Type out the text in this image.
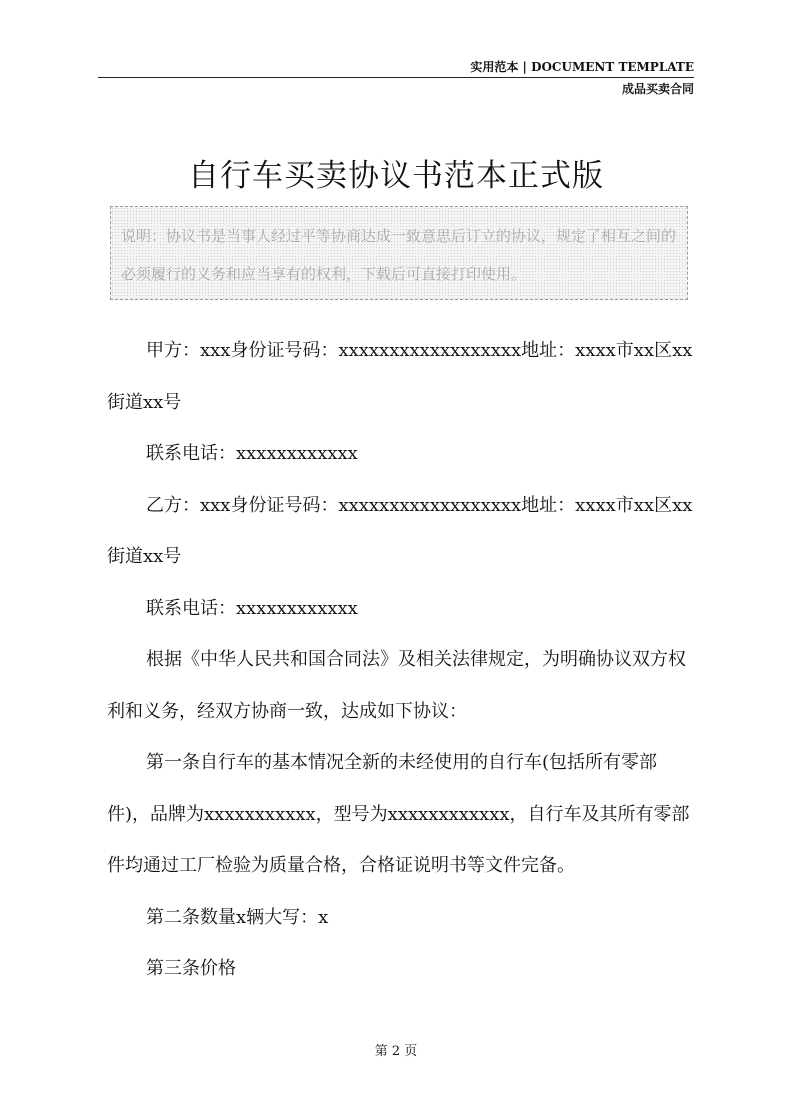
实用范本 | DOCUMENT TEMPLATE
成品买卖合同
自行车买卖协议书范本正式版
说明：协议书是当事人经过平等协商达成一致意思后订立的协议，规定了相互之间的必须履行的义务和应当享有的权利，下载后可直接打印使用。

甲方：xxx身份证号码：xxxxxxxxxxxxxxxxxx地址：xxxx市xx区xx街道xx号

联系电话：xxxxxxxxxxxx

乙方：xxx身份证号码：xxxxxxxxxxxxxxxxxx地址：xxxx市xx区xx街道xx号

联系电话：xxxxxxxxxxxx

根据《中华人民共和国合同法》及相关法律规定，为明确协议双方权利和义务，经双方协商一致，达成如下协议：

第一条自行车的基本情况全新的未经使用的自行车(包括所有零部件)，品牌为xxxxxxxxxxx，型号为xxxxxxxxxxxx，自行车及其所有零部件均通过工厂检验为质量合格，合格证说明书等文件完备。

第二条数量x辆大写：x

第三条价格

第 2 页
